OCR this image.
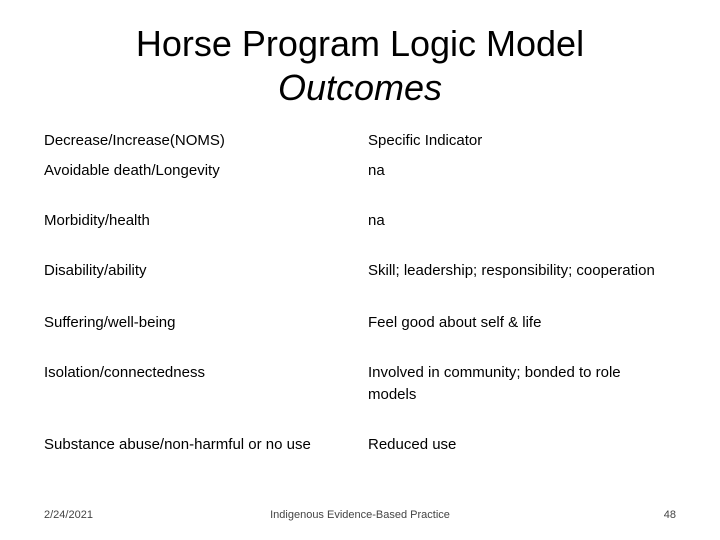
Horse Program Logic Model
Outcomes
Decrease/Increase(NOMS)	Specific Indicator
Avoidable death/Longevity	na
Morbidity/health	na
Disability/ability	Skill; leadership; responsibility; cooperation
Suffering/well-being	Feel good about self & life
Isolation/connectedness	Involved in community; bonded to role models
Substance abuse/non-harmful or no use	Reduced use
2/24/2021	Indigenous Evidence-Based Practice	48
